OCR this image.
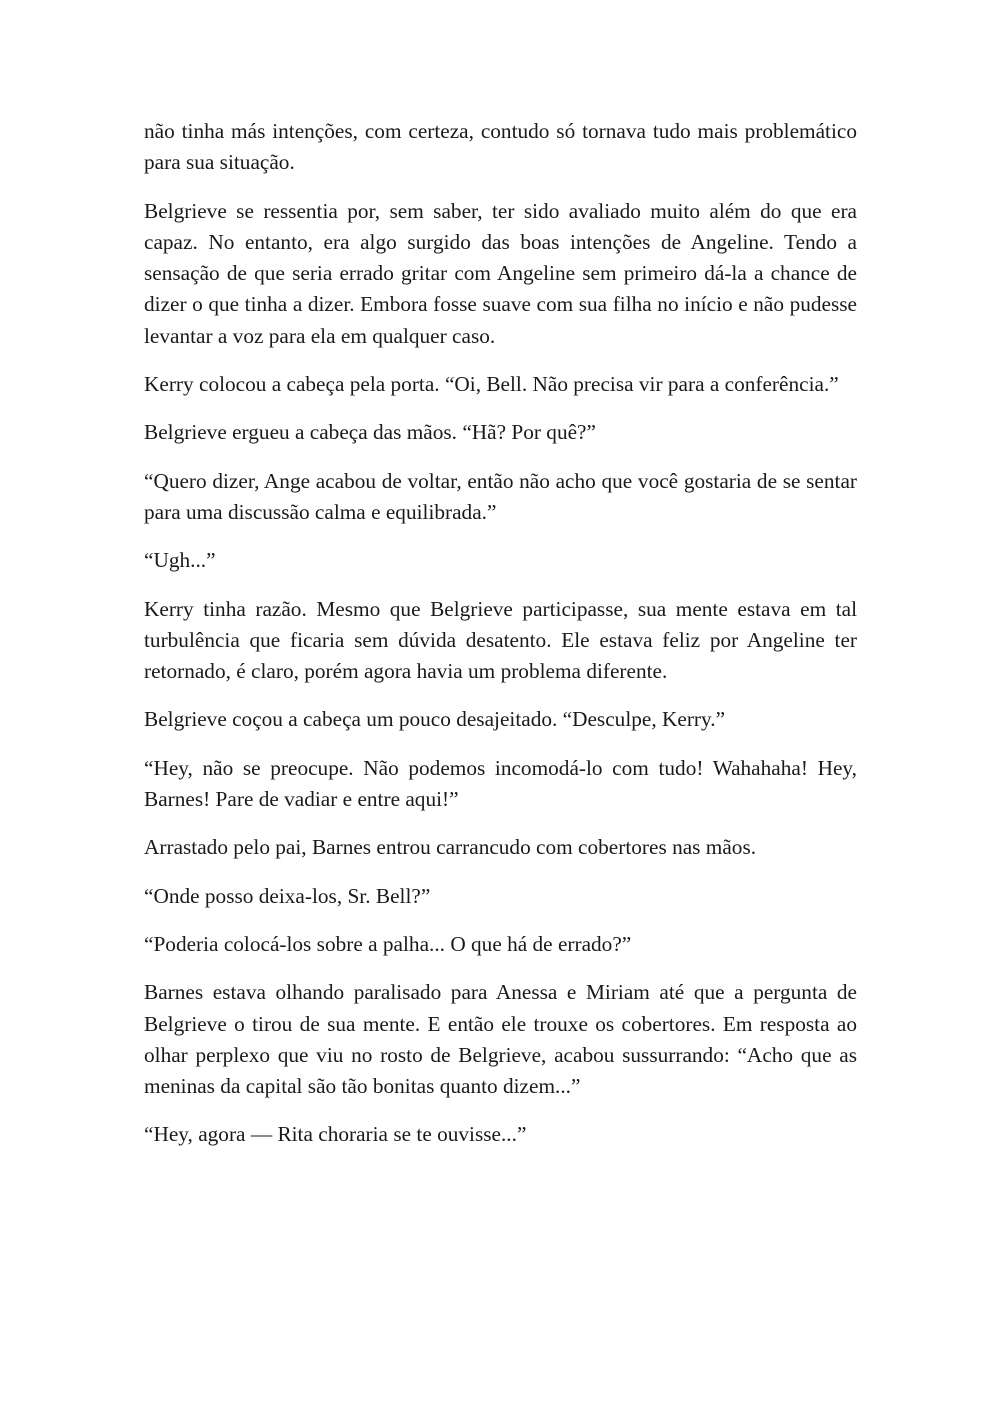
não tinha más intenções, com certeza, contudo só tornava tudo mais problemático para sua situação.

Belgrieve se ressentia por, sem saber, ter sido avaliado muito além do que era capaz. No entanto, era algo surgido das boas intenções de Angeline. Tendo a sensação de que seria errado gritar com Angeline sem primeiro dá-la a chance de dizer o que tinha a dizer. Embora fosse suave com sua filha no início e não pudesse levantar a voz para ela em qualquer caso.

Kerry colocou a cabeça pela porta. “Oi, Bell. Não precisa vir para a conferência.”

Belgrieve ergueu a cabeça das mãos. “Hã? Por quê?”

“Quero dizer, Ange acabou de voltar, então não acho que você gostaria de se sentar para uma discussão calma e equilibrada.”

“Ugh...”

Kerry tinha razão. Mesmo que Belgrieve participasse, sua mente estava em tal turbulência que ficaria sem dúvida desatento. Ele estava feliz por Angeline ter retornado, é claro, porém agora havia um problema diferente.

Belgrieve coçou a cabeça um pouco desajeitado. “Desculpe, Kerry.”

“Hey, não se preocupe. Não podemos incomodá-lo com tudo! Wahahaha! Hey, Barnes! Pare de vadiar e entre aqui!”

Arrastado pelo pai, Barnes entrou carrancudo com cobertores nas mãos.

“Onde posso deixa-los, Sr. Bell?”

“Poderia colocá-los sobre a palha... O que há de errado?”

Barnes estava olhando paralisado para Anessa e Miriam até que a pergunta de Belgrieve o tirou de sua mente. E então ele trouxe os cobertores. Em resposta ao olhar perplexo que viu no rosto de Belgrieve, acabou sussurrando: “Acho que as meninas da capital são tão bonitas quanto dizem...”

“Hey, agora — Rita choraria se te ouvisse...”
